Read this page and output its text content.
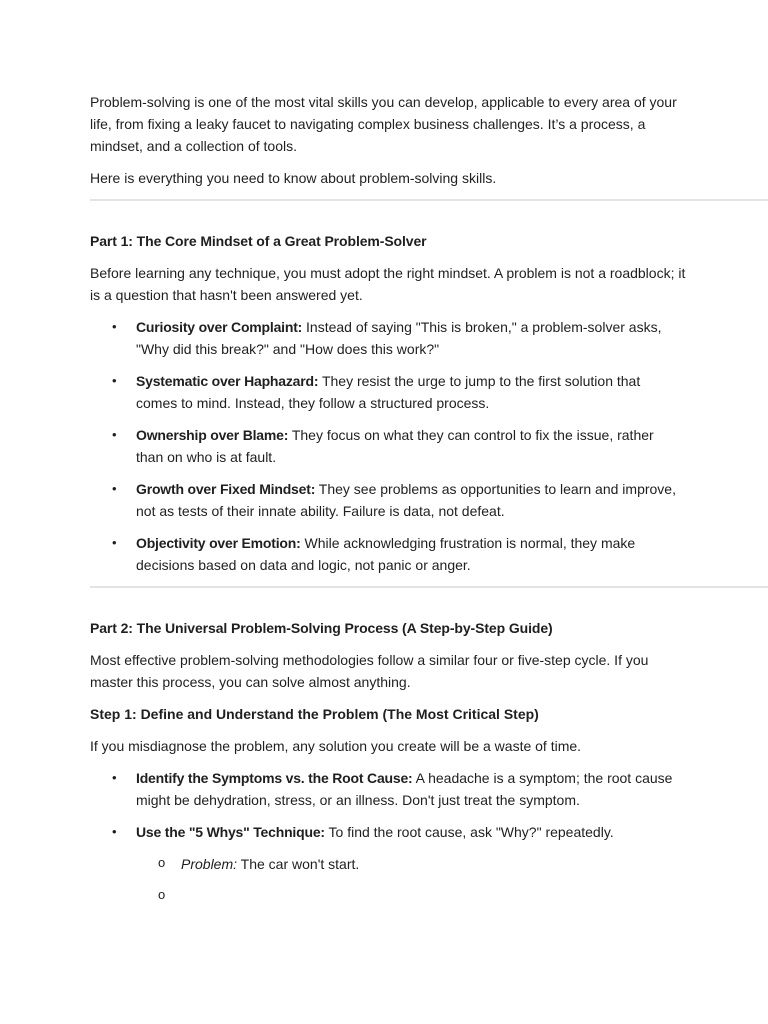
Problem-solving is one of the most vital skills you can develop, applicable to every area of your life, from fixing a leaky faucet to navigating complex business challenges. It’s a process, a mindset, and a collection of tools.

Here is everything you need to know about problem-solving skills.

Part 1: The Core Mindset of a Great Problem-Solver

Before learning any technique, you must adopt the right mindset. A problem is not a roadblock; it is a question that hasn't been answered yet.

• Curiosity over Complaint: Instead of saying "This is broken," a problem-solver asks, "Why did this break?" and "How does this work?"
• Systematic over Haphazard: They resist the urge to jump to the first solution that comes to mind. Instead, they follow a structured process.
• Ownership over Blame: They focus on what they can control to fix the issue, rather than on who is at fault.
• Growth over Fixed Mindset: They see problems as opportunities to learn and improve, not as tests of their innate ability. Failure is data, not defeat.
• Objectivity over Emotion: While acknowledging frustration is normal, they make decisions based on data and logic, not panic or anger.
Part 2: The Universal Problem-Solving Process (A Step-by-Step Guide)

Most effective problem-solving methodologies follow a similar four or five-step cycle. If you master this process, you can solve almost anything.

Step 1: Define and Understand the Problem (The Most Critical Step)

If you misdiagnose the problem, any solution you create will be a waste of time.

• Identify the Symptoms vs. the Root Cause: A headache is a symptom; the root cause might be dehydration, stress, or an illness. Don't just treat the symptom.
• Use the "5 Whys" Technique: To find the root cause, ask "Why?" repeatedly.
o Problem: The car won't start.
o
